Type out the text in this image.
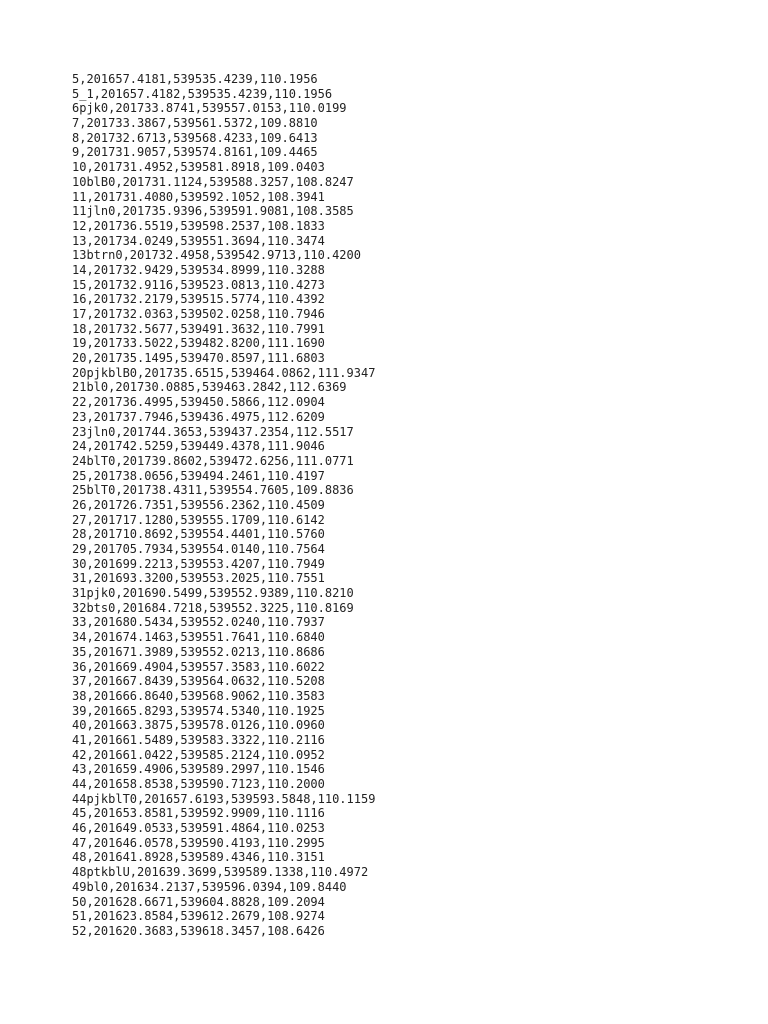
5,201657.4181,539535.4239,110.1956
5_1,201657.4182,539535.4239,110.1956
6pjk0,201733.8741,539557.0153,110.0199
7,201733.3867,539561.5372,109.8810
8,201732.6713,539568.4233,109.6413
9,201731.9057,539574.8161,109.4465
10,201731.4952,539581.8918,109.0403
10blB0,201731.1124,539588.3257,108.8247
11,201731.4080,539592.1052,108.3941
11jln0,201735.9396,539591.9081,108.3585
12,201736.5519,539598.2537,108.1833
13,201734.0249,539551.3694,110.3474
13btrn0,201732.4958,539542.9713,110.4200
14,201732.9429,539534.8999,110.3288
15,201732.9116,539523.0813,110.4273
16,201732.2179,539515.5774,110.4392
17,201732.0363,539502.0258,110.7946
18,201732.5677,539491.3632,110.7991
19,201733.5022,539482.8200,111.1690
20,201735.1495,539470.8597,111.6803
20pjkblB0,201735.6515,539464.0862,111.9347
21bl0,201730.0885,539463.2842,112.6369
22,201736.4995,539450.5866,112.0904
23,201737.7946,539436.4975,112.6209
23jln0,201744.3653,539437.2354,112.5517
24,201742.5259,539449.4378,111.9046
24blT0,201739.8602,539472.6256,111.0771
25,201738.0656,539494.2461,110.4197
25blT0,201738.4311,539554.7605,109.8836
26,201726.7351,539556.2362,110.4509
27,201717.1280,539555.1709,110.6142
28,201710.8692,539554.4401,110.5760
29,201705.7934,539554.0140,110.7564
30,201699.2213,539553.4207,110.7949
31,201693.3200,539553.2025,110.7551
31pjk0,201690.5499,539552.9389,110.8210
32bts0,201684.7218,539552.3225,110.8169
33,201680.5434,539552.0240,110.7937
34,201674.1463,539551.7641,110.6840
35,201671.3989,539552.0213,110.8686
36,201669.4904,539557.3583,110.6022
37,201667.8439,539564.0632,110.5208
38,201666.8640,539568.9062,110.3583
39,201665.8293,539574.5340,110.1925
40,201663.3875,539578.0126,110.0960
41,201661.5489,539583.3322,110.2116
42,201661.0422,539585.2124,110.0952
43,201659.4906,539589.2997,110.1546
44,201658.8538,539590.7123,110.2000
44pjkblT0,201657.6193,539593.5848,110.1159
45,201653.8581,539592.9909,110.1116
46,201649.0533,539591.4864,110.0253
47,201646.0578,539590.4193,110.2995
48,201641.8928,539589.4346,110.3151
48ptkblU,201639.3699,539589.1338,110.4972
49bl0,201634.2137,539596.0394,109.8440
50,201628.6671,539604.8828,109.2094
51,201623.8584,539612.2679,108.9274
52,201620.3683,539618.3457,108.6426
